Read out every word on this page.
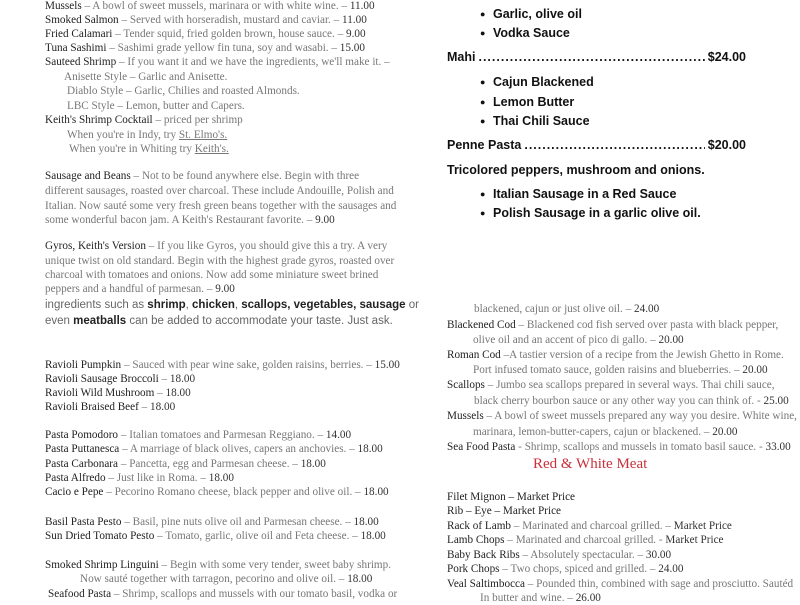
Mussels – A bowl of sweet mussels, marinara or with white wine. – 11.00
Smoked Salmon – Served with horseradish, mustard and caviar. – 11.00
Fried Calamari – Tender squid, fried golden brown, house sauce. – 9.00
Tuna Sashimi – Sashimi grade yellow fin tuna, soy and wasabi. – 15.00
Sauteed Shrimp – If you want it and we have the ingredients, we'll make it. –
Anisette Style – Garlic and Anisette.
Diablo Style – Garlic, Chilies and roasted Almonds.
LBC Style – Lemon, butter and Capers.
Keith's Shrimp Cocktail – priced per shrimp
When you're in Indy, try St. Elmo's.
When you're in Whiting try Keith's.
Sausage and Beans – Not to be found anywhere else. Begin with three
different sausages, roasted over charcoal. These include Andouille, Polish and
Italian. Now sauté some very fresh green beans together with the sausages and
some wonderful bacon jam. A Keith's Restaurant favorite. – 9.00
Gyros, Keith's Version – If you like Gyros, you should give this a try. A very
unique twist on old standard. Begin with the highest grade gyros, roasted over
charcoal with tomatoes and onions. Now add some miniature sweet brined
peppers and a handful of parmesan. – 9.00
Ravioli Pumpkin – Sauced with pear wine sake, golden raisins, berries. – 15.00
Ravioli Sausage Broccoli – 18.00
Ravioli Wild Mushroom – 18.00
Ravioli Braised Beef – 18.00
Pasta Pomodoro – Italian tomatoes and Parmesan Reggiano. – 14.00
Pasta Puttanesca – A marriage of black olives, capers an anchovies. – 18.00
Pasta Carbonara – Pancetta, egg and Parmesan cheese. – 18.00
Pasta Alfredo – Just like in Roma. – 18.00
Cacio e Pepe – Pecorino Romano cheese, black pepper and olive oil. – 18.00
Basil Pasta Pesto – Basil, pine nuts olive oil and Parmesan cheese. – 18.00
Sun Dried Tomato Pesto – Tomato, garlic, olive oil and Feta cheese. – 18.00
Smoked Shrimp Linguini – Begin with some very tender, sweet baby shrimp.
Now sauté together with tarragon, pecorino and olive oil. – 18.00
Seafood Pasta – Shrimp, scallops and mussels with our tomato basil, vodka or
ingredients such as shrimp, chicken, scallops, vegetables, sausage or
even meatballs can be added to accommodate your taste. Just ask.
● Garlic, olive oil
● Vodka Sauce
Mahi .....	$24.00
● Cajun Blackened
● Lemon Butter
● Thai Chili Sauce
Penne Pasta .....	$20.00
Tricolored peppers, mushroom and onions.
● Italian Sausage in a Red Sauce
● Polish Sausage in a garlic olive oil.
blackened, cajun or just olive oil. – 24.00
Blackened Cod – Blackened cod fish served over pasta with black pepper,
olive oil and an accent of pico di gallo. – 20.00
Roman Cod –A tastier version of a recipe from the Jewish Ghetto in Rome.
Port infused tomato sauce, golden raisins and blueberries. – 20.00
Scallops – Jumbo sea scallops prepared in several ways. Thai chili sauce,
black cherry bourbon sauce or any other way you can think of. - 25.00
Mussels – A bowl of sweet mussels prepared any way you desire. White wine,
marinara, lemon-butter-capers, cajun or blackened. – 20.00
Sea Food Pasta - Shrimp, scallops and mussels in tomato basil sauce. - 33.00
Red & White Meat
Filet Mignon – Market Price
Rib – Eye – Market Price
Rack of Lamb – Marinated and charcoal grilled. – Market Price
Lamb Chops – Marinated and charcoal grilled. - Market Price
Baby Back Ribs – Absolutely spectacular. – 30.00
Pork Chops – Two chops, spiced and grilled. – 24.00
Veal Saltimbocca – Pounded thin, combined with sage and prosciutto. Sautéd
In butter and wine. – 26.00
